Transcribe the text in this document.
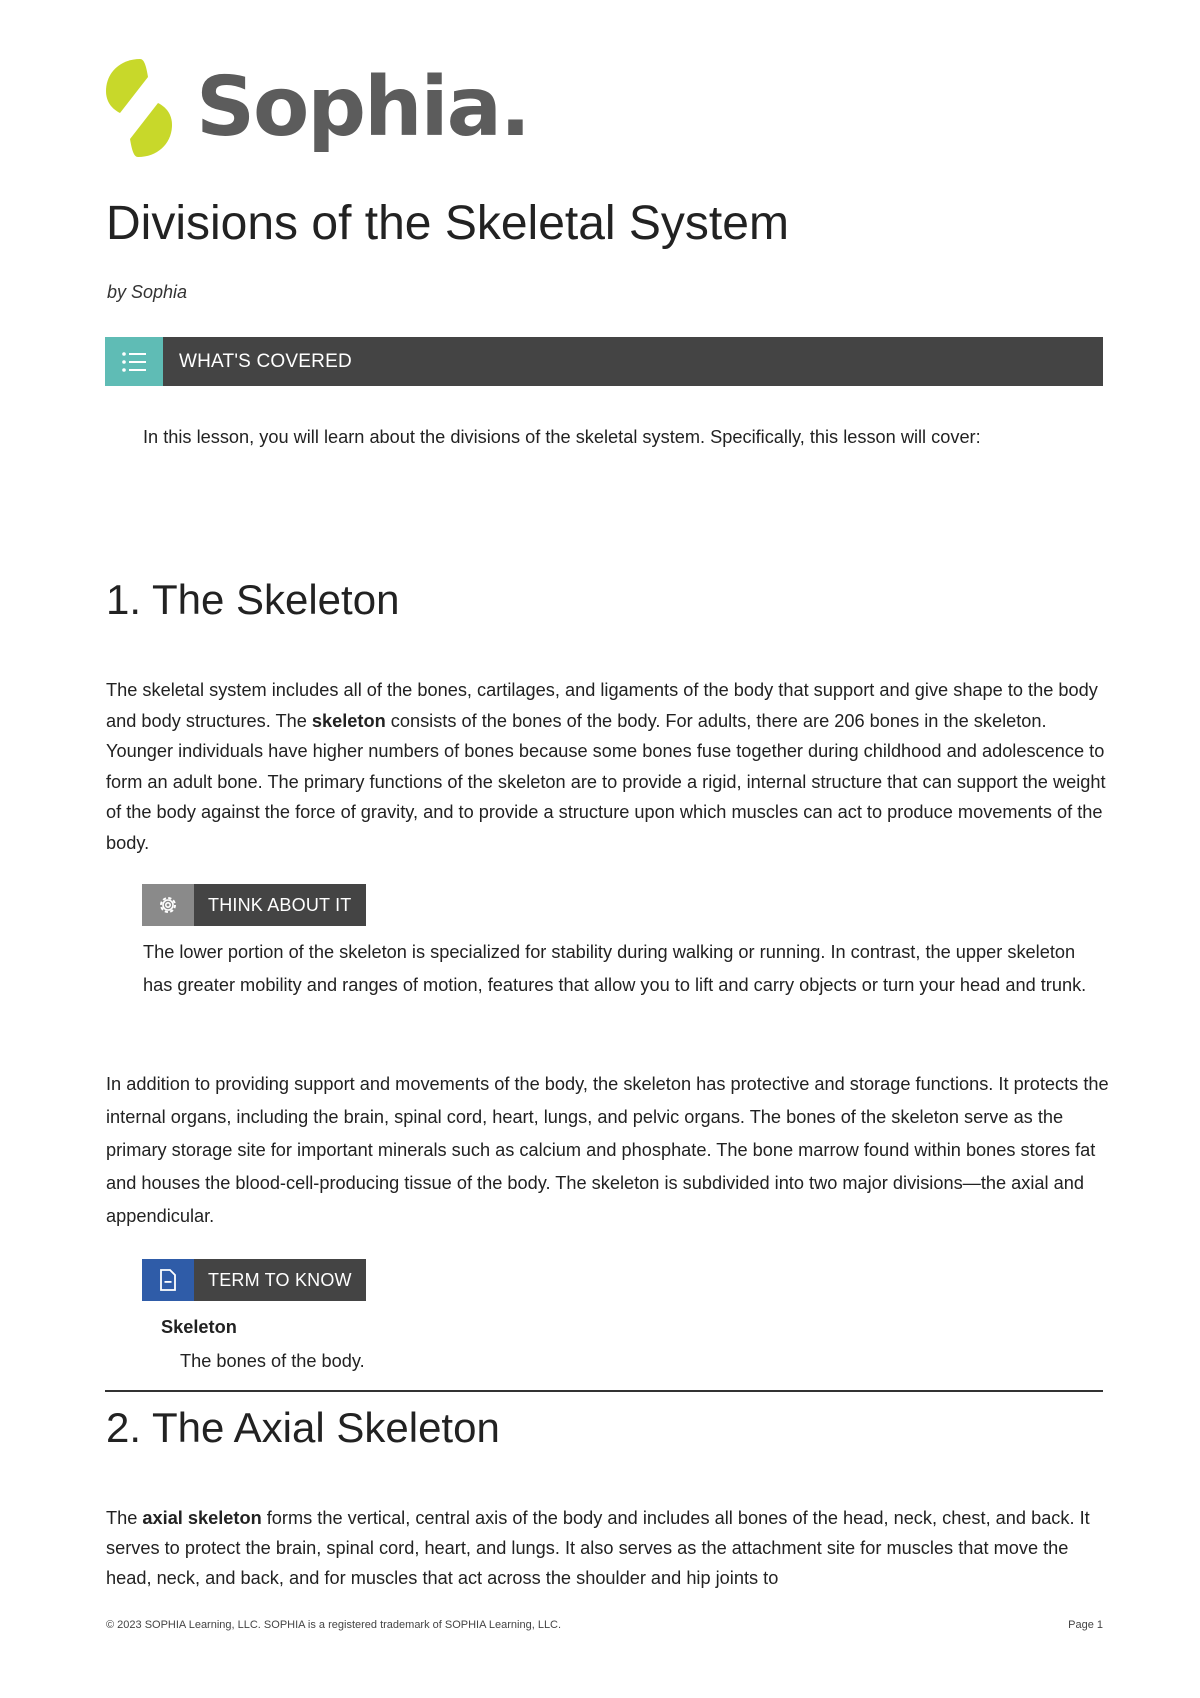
Sophia.
Divisions of the Skeletal System
by Sophia
WHAT'S COVERED

In this lesson, you will learn about the divisions of the skeletal system. Specifically, this lesson will cover:

1. The Skeleton

The skeletal system includes all of the bones, cartilages, and ligaments of the body that support and give shape to the body and body structures. The skeleton consists of the bones of the body. For adults, there are 206 bones in the skeleton. Younger individuals have higher numbers of bones because some bones fuse together during childhood and adolescence to form an adult bone. The primary functions of the skeleton are to provide a rigid, internal structure that can support the weight of the body against the force of gravity, and to provide a structure upon which muscles can act to produce movements of the body.

THINK ABOUT IT

The lower portion of the skeleton is specialized for stability during walking or running. In contrast, the upper skeleton has greater mobility and ranges of motion, features that allow you to lift and carry objects or turn your head and trunk.

In addition to providing support and movements of the body, the skeleton has protective and storage functions. It protects the internal organs, including the brain, spinal cord, heart, lungs, and pelvic organs. The bones of the skeleton serve as the primary storage site for important minerals such as calcium and phosphate. The bone marrow found within bones stores fat and houses the blood-cell-producing tissue of the body. The skeleton is subdivided into two major divisions—the axial and appendicular.

TERM TO KNOW
Skeleton
The bones of the body.
2. The Axial Skeleton

The axial skeleton forms the vertical, central axis of the body and includes all bones of the head, neck, chest, and back. It serves to protect the brain, spinal cord, heart, and lungs. It also serves as the attachment site for muscles that move the head, neck, and back, and for muscles that act across the shoulder and hip joints to

© 2023 SOPHIA Learning, LLC. SOPHIA is a registered trademark of SOPHIA Learning, LLC.	Page 1
